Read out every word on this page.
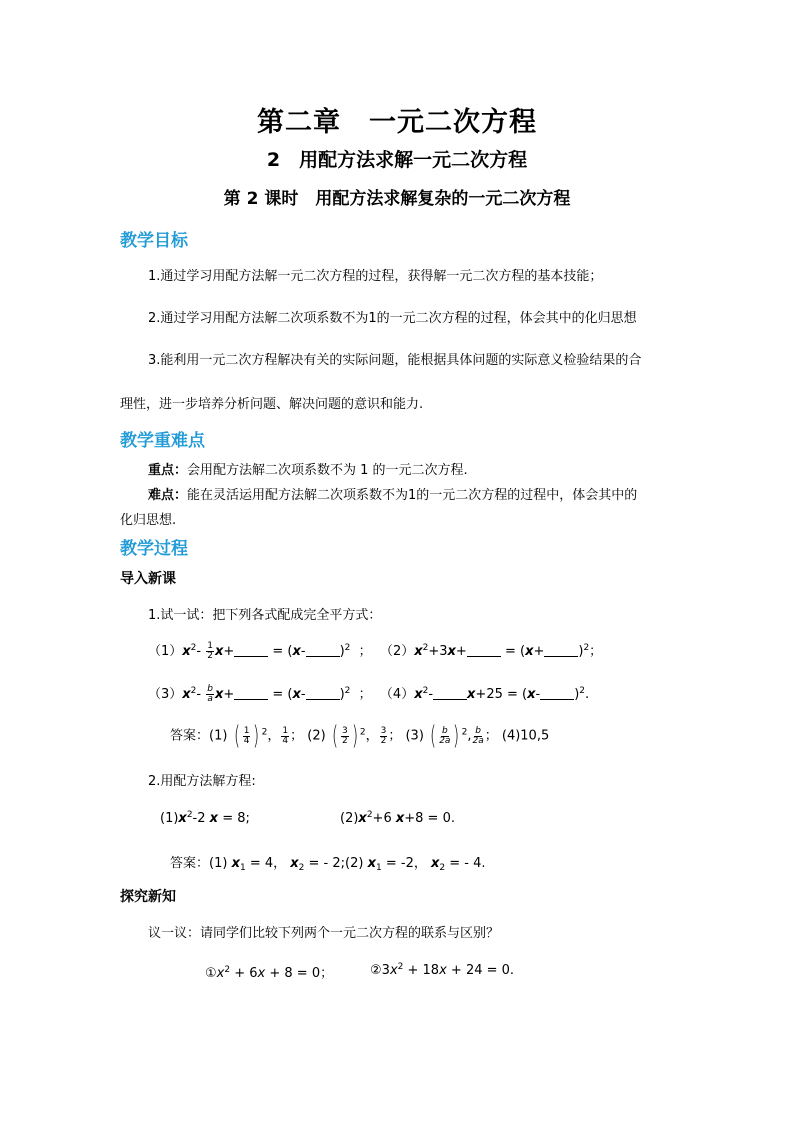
第二章　一元二次方程
2　用配方法求解一元二次方程
第 2 课时　用配方法求解复杂的一元二次方程
教学目标
1.通过学习用配方法解一元二次方程的过程，获得解一元二次方程的基本技能；
2.通过学习用配方法解二次项系数不为1的一元二次方程的过程，体会其中的化归思想
3.能利用一元二次方程解决有关的实际问题，能根据具体问题的实际意义检验结果的合
理性，进一步培养分析问题、解决问题的意识和能力.
教学重难点
重点：会用配方法解二次项系数不为 1 的一元二次方程.
难点：能在灵活运用配方法解二次项系数不为1的一元二次方程的过程中，体会其中的
化归思想.
教学过程
导入新课
1.试一试：把下列各式配成完全平方式：
$(1)x^2- \frac{1}{2} x+$	= (x-	)$^2$ ； $(2)x^2+3x+$	= (x+	)$^2$；
$(3)x^2- \frac{b}{a} x+$	= (x-	)$^2$  ；  $(4)x^2-$	x+25 = (x-	)$^2$.
答案：(1) ( $\frac{1}{4}$ ) $^2$， $\frac{1}{4}$ ； (2) ( $\frac{3}{2}$ ) $^2$， $\frac{3}{2}$ ； (3) ( $\frac{b}{2a}$ ) $^2$, $\frac{b}{2a}$ ； (4)10,5
2.用配方法解方程:
$(1)x^2-2$ x = 8;	$(2)x^2+6$ x+8 = 0.
答案：(1) $x_1 = 4$， $x_2$ = - 2;(2) $x_1 = -2$， $x_2$ = - 4.
探究新知
议一议：请同学们比较下列两个一元二次方程的联系与区别？
$①x^2 + 6x + 8 = 0$；	$②3x^2 + 18x + 24 = 0$.
